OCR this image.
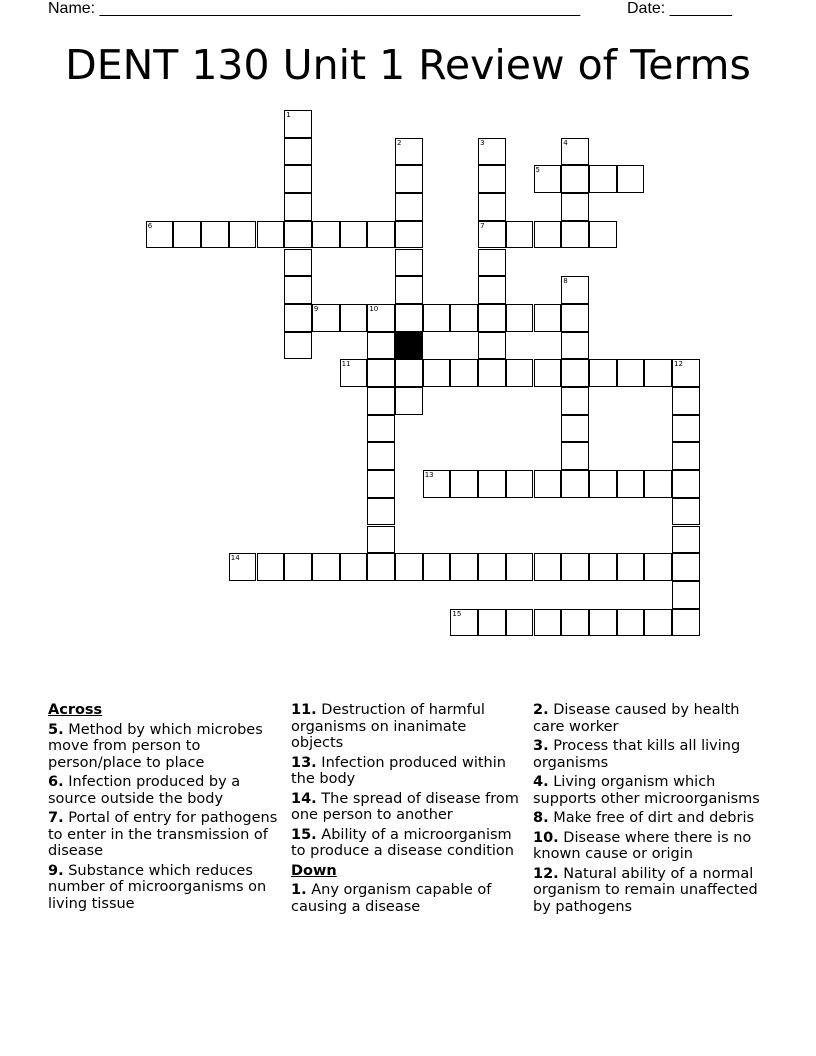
Name: ______________________________________________________	Date: _______
DENT 130 Unit 1 Review of Terms
1
2	3
7
4
5
6
8
9	10
11	12
13
14
15
Across
5. Method by which microbes move from person to person/place to place
6. Infection produced by a source outside the body
7. Portal of entry for pathogens to enter in the transmission of disease
9. Substance which reduces number of microorganisms on living tissue
11. Destruction of harmful organisms on inanimate objects
13. Infection produced within the body
14. The spread of disease from one person to another
15. Ability of a microorganism to produce a disease condition
Down
1. Any organism capable of causing a disease
2. Disease caused by health care worker
3. Process that kills all living organisms
4. Living organism which supports other microorganisms
8. Make free of dirt and debris
10. Disease where there is no known cause or origin
12. Natural ability of a normal organism to remain unaffected by pathogens
